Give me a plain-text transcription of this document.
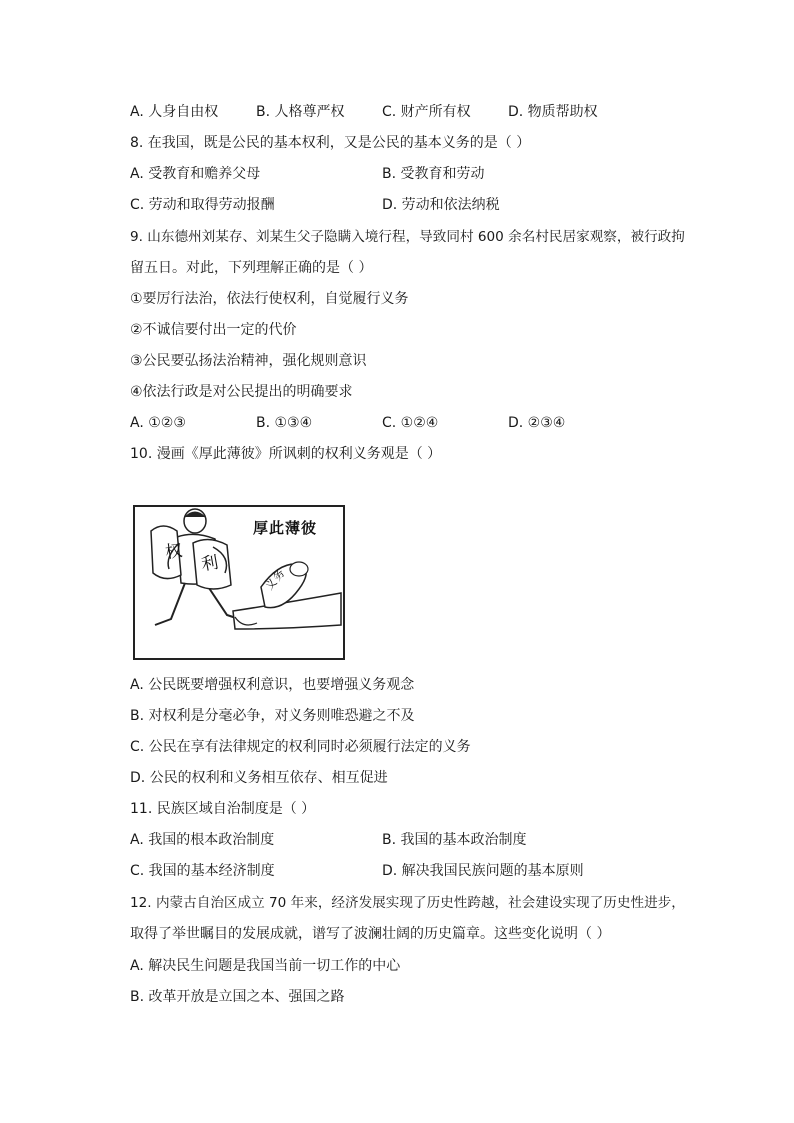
A. 人身自由权	B. 人格尊严权	C. 财产所有权	D. 物质帮助权
8. 在我国，既是公民的基本权利，又是公民的基本义务的是（ ）
A. 受教育和赡养父母	B. 受教育和劳动
C. 劳动和取得劳动报酬	D. 劳动和依法纳税
9. 山东德州刘某存、刘某生父子隐瞒入境行程，导致同村 600 余名村民居家观察，被行政拘
留五日。对此，下列理解正确的是（ ）
①要厉行法治，依法行使权利，自觉履行义务
②不诚信要付出一定的代价
③公民要弘扬法治精神，强化规则意识
④依法行政是对公民提出的明确要求
A. ①②③	B. ①③④	C. ①②④	D. ②③④
10. 漫画《厚此薄彼》所讽刺的权利义务观是（ ）
厚此薄彼
权
利
义务
A. 公民既要增强权利意识，也要增强义务观念
B. 对权利是分毫必争，对义务则唯恐避之不及
C. 公民在享有法律规定的权利同时必须履行法定的义务
D. 公民的权利和义务相互依存、相互促进
11. 民族区域自治制度是（ ）
A. 我国的根本政治制度	B. 我国的基本政治制度
C. 我国的基本经济制度	D. 解决我国民族问题的基本原则
12. 内蒙古自治区成立 70 年来，经济发展实现了历史性跨越，社会建设实现了历史性进步，
取得了举世瞩目的发展成就，谱写了波澜壮阔的历史篇章。这些变化说明（ ）
A. 解决民生问题是我国当前一切工作的中心
B. 改革开放是立国之本、强国之路
